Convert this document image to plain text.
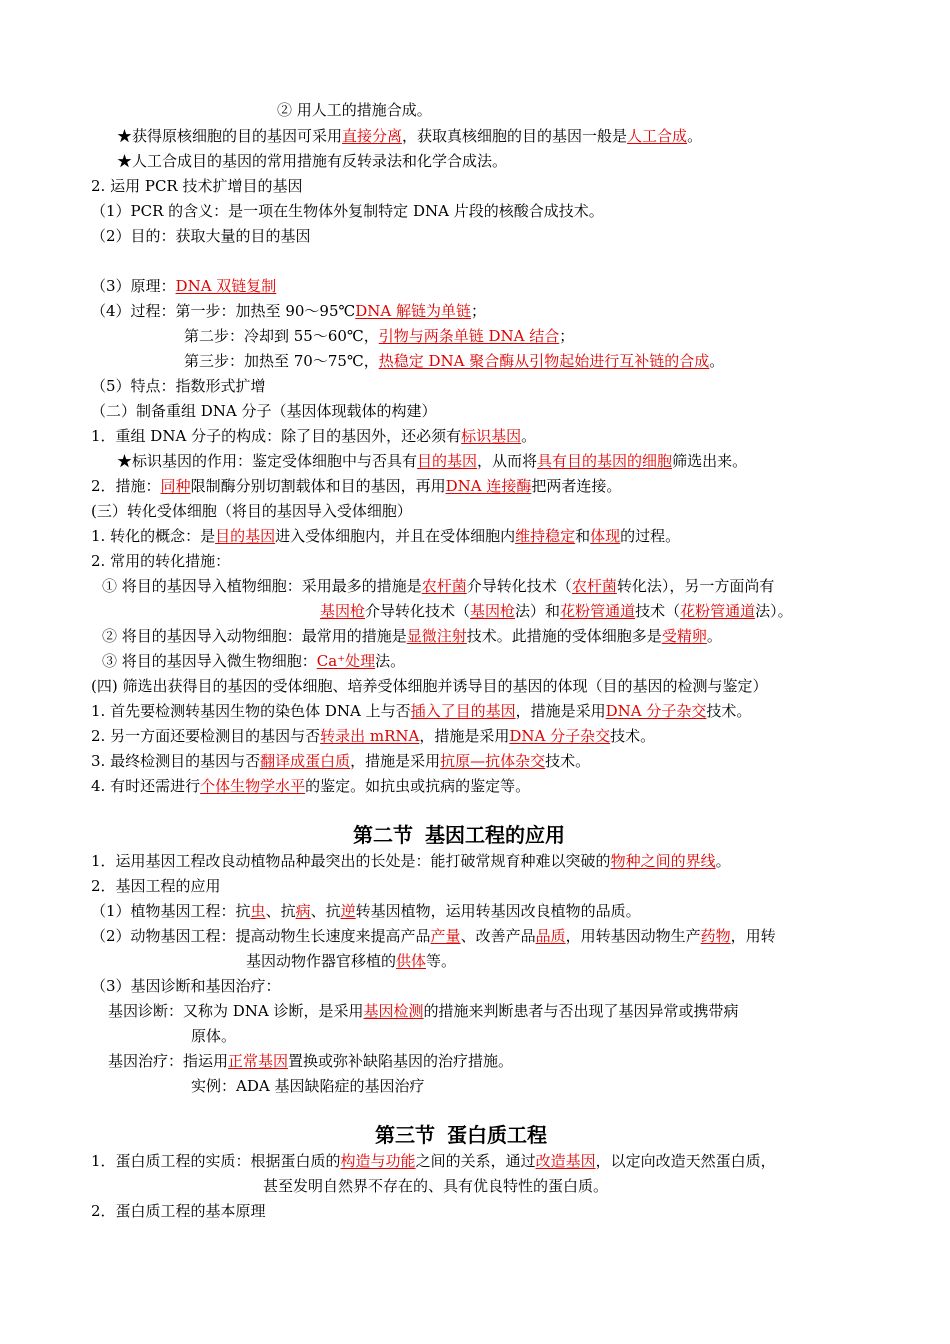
② 用人工的措施合成。
★获得原核细胞的目的基因可采用直接分离，获取真核细胞的目的基因一般是人工合成。
★人工合成目的基因的常用措施有反转录法和化学合成法。
2. 运用 PCR 技术扩增目的基因
（1）PCR 的含义：是一项在生物体外复制特定 DNA 片段的核酸合成技术。
（2）目的：获取大量的目的基因
（3）原理：DNA 双链复制
（4）过程：第一步：加热至 90～95℃DNA 解链为单链；
第二步：冷却到 55～60℃，引物与两条单链 DNA 结合；
第三步：加热至 70～75℃，热稳定 DNA 聚合酶从引物起始进行互补链的合成。
（5）特点：指数形式扩增
（二）制备重组 DNA 分子（基因体现载体的构建）
1．重组 DNA 分子的构成：除了目的基因外，还必须有标识基因。
★标识基因的作用：鉴定受体细胞中与否具有目的基因，从而将具有目的基因的细胞筛选出来。
2．措施：同种限制酶分别切割载体和目的基因，再用DNA 连接酶把两者连接。
(三）转化受体细胞（将目的基因导入受体细胞）
1. 转化的概念：是目的基因进入受体细胞内，并且在受体细胞内维持稳定和体现的过程。
2. 常用的转化措施：
① 将目的基因导入植物细胞：采用最多的措施是农杆菌介导转化技术（农杆菌转化法），另一方面尚有
基因枪介导转化技术（基因枪法）和花粉管通道技术（花粉管通道法）。
② 将目的基因导入动物细胞：最常用的措施是显微注射技术。此措施的受体细胞多是受精卵。
③ 将目的基因导入微生物细胞：Ca⁺处理法。
(四) 筛选出获得目的基因的受体细胞、培养受体细胞并诱导目的基因的体现（目的基因的检测与鉴定）
1. 首先要检测转基因生物的染色体 DNA 上与否插入了目的基因，措施是采用DNA 分子杂交技术。
2. 另一方面还要检测目的基因与否转录出 mRNA，措施是采用DNA 分子杂交技术。
3. 最终检测目的基因与否翻译成蛋白质，措施是采用抗原—抗体杂交技术。
4. 有时还需进行个体生物学水平的鉴定。如抗虫或抗病的鉴定等。
第二节 基因工程的应用
1．运用基因工程改良动植物品种最突出的长处是：能打破常规育种难以突破的物种之间的界线。
2．基因工程的应用
（1）植物基因工程：抗虫、抗病、抗逆转基因植物，运用转基因改良植物的品质。
（2）动物基因工程：提高动物生长速度来提高产品产量、改善产品品质，用转基因动物生产药物，用转
基因动物作器官移植的供体等。
（3）基因诊断和基因治疗：
基因诊断：又称为 DNA 诊断，是采用基因检测的措施来判断患者与否出现了基因异常或携带病
原体。
基因治疗：指运用正常基因置换或弥补缺陷基因的治疗措施。
实例：ADA 基因缺陷症的基因治疗
第三节 蛋白质工程
1．蛋白质工程的实质：根据蛋白质的构造与功能之间的关系，通过改造基因，以定向改造天然蛋白质，
甚至发明自然界不存在的、具有优良特性的蛋白质。
2．蛋白质工程的基本原理
